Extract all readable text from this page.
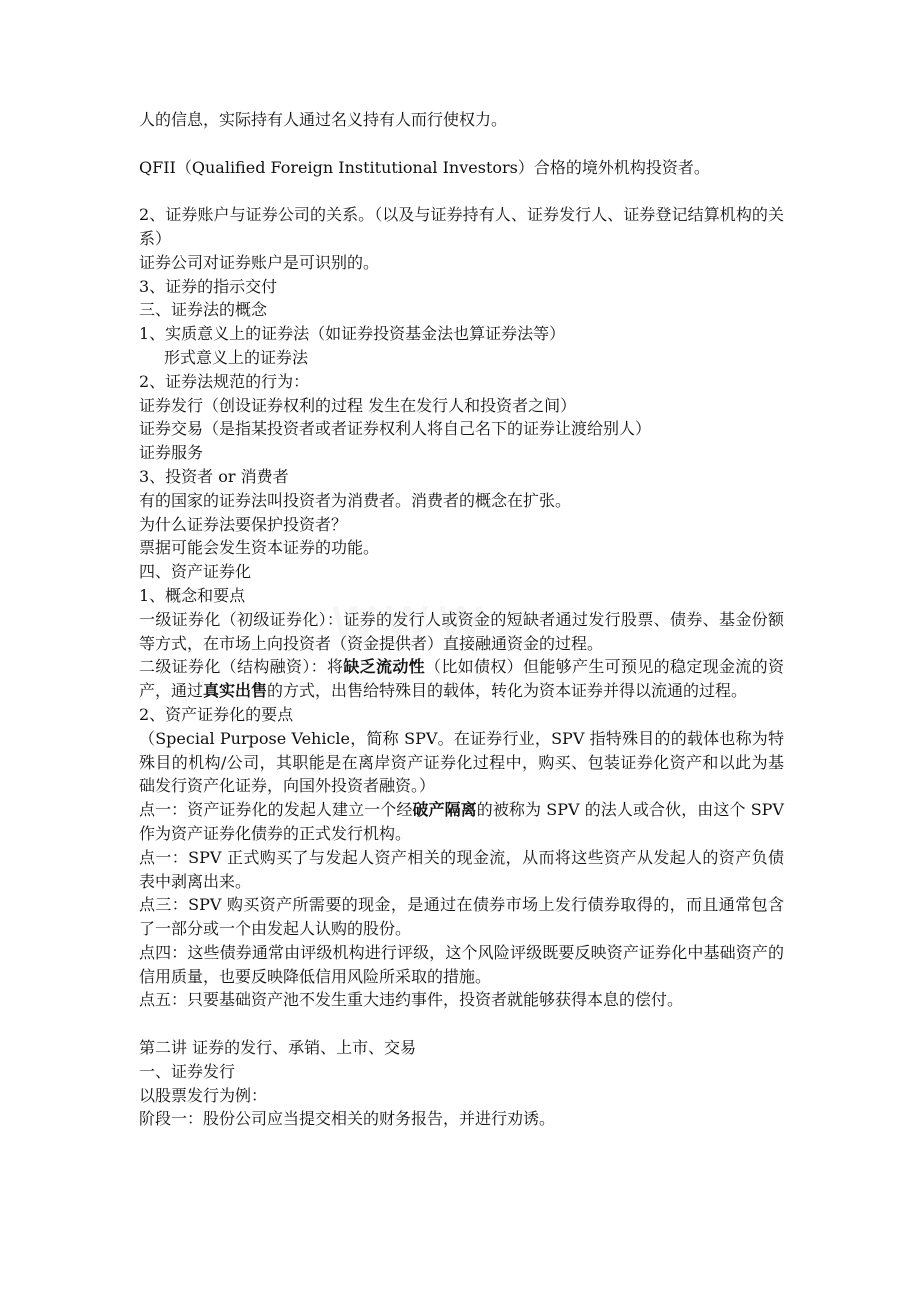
人的信息，实际持有人通过名义持有人而行使权力。
QFII（Qualified Foreign Institutional Investors）合格的境外机构投资者。
2、证券账户与证券公司的关系。（以及与证券持有人、证券发行人、证券登记结算机构的关系）
证券公司对证券账户是可识别的。
3、证券的指示交付
三、证券法的概念
1、实质意义上的证券法（如证券投资基金法也算证券法等）
形式意义上的证券法
2、证券法规范的行为：
证券发行（创设证券权利的过程 发生在发行人和投资者之间）
证券交易（是指某投资者或者证券权利人将自己名下的证券让渡给别人）
证券服务
3、投资者 or 消费者
有的国家的证券法叫投资者为消费者。消费者的概念在扩张。
为什么证券法要保护投资者？
票据可能会发生资本证券的功能。
四、资产证券化
1、概念和要点
一级证券化（初级证券化）：证券的发行人或资金的短缺者通过发行股票、债券、基金份额等方式，在市场上向投资者（资金提供者）直接融通资金的过程。
二级证券化（结构融资）：将缺乏流动性（比如债权）但能够产生可预见的稳定现金流的资产，通过真实出售的方式，出售给特殊目的载体，转化为资本证券并得以流通的过程。
2、资产证券化的要点
（Special Purpose Vehicle，简称 SPV。在证券行业，SPV 指特殊目的的载体也称为特殊目的机构/公司，其职能是在离岸资产证券化过程中，购买、包装证券化资产和以此为基础发行资产化证券，向国外投资者融资。）
点一：资产证券化的发起人建立一个经破产隔离的被称为 SPV 的法人或合伙，由这个 SPV 作为资产证券化债券的正式发行机构。
点一：SPV 正式购买了与发起人资产相关的现金流，从而将这些资产从发起人的资产负债表中剥离出来。
点三：SPV 购买资产所需要的现金，是通过在债券市场上发行债券取得的，而且通常包含了一部分或一个由发起人认购的股份。
点四：这些债券通常由评级机构进行评级，这个风险评级既要反映资产证券化中基础资产的信用质量，也要反映降低信用风险所采取的措施。
点五：只要基础资产池不发生重大违约事件，投资者就能够获得本息的偿付。
第二讲 证券的发行、承销、上市、交易
一、证券发行
以股票发行为例：
阶段一：股份公司应当提交相关的财务报告，并进行劝诱。
